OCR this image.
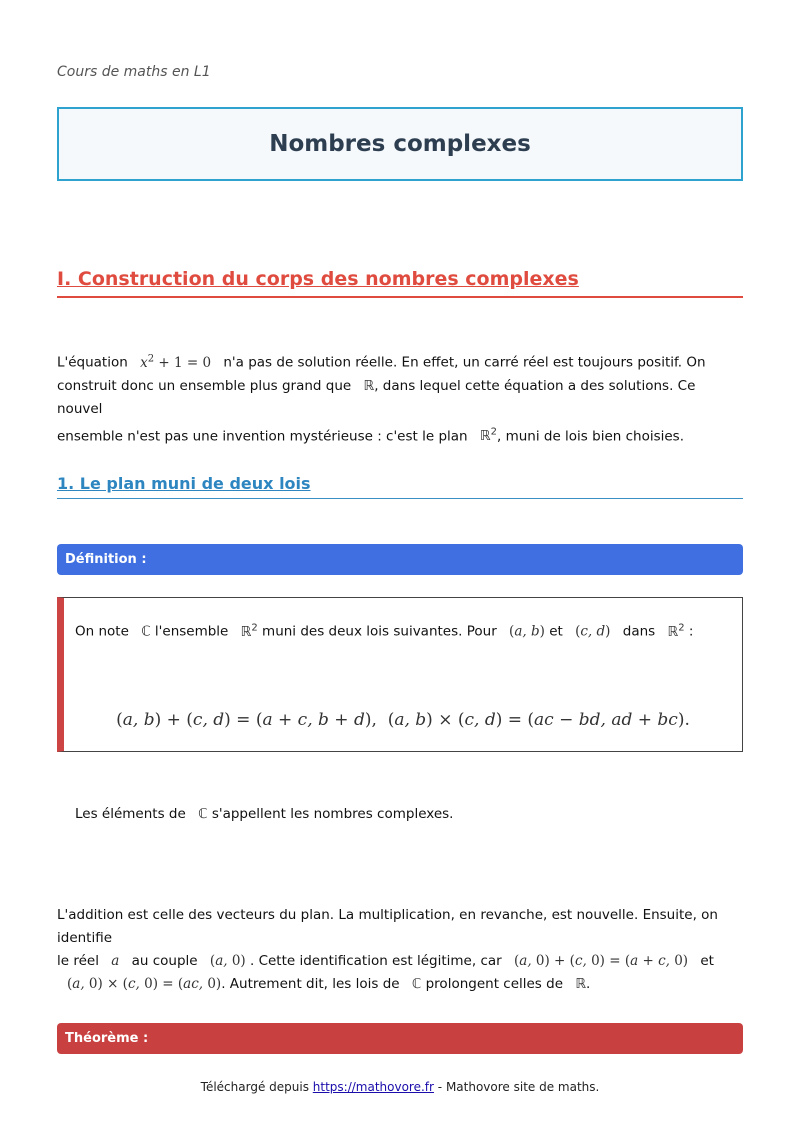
Cours de maths en L1
Nombres complexes
I. Construction du corps des nombres complexes
L'équation $x^2 + 1 = 0$ n'a pas de solution réelle. En effet, un carré réel est toujours positif. On
construit donc un ensemble plus grand que ℝ, dans lequel cette équation a des solutions. Ce nouvel
ensemble n'est pas une invention mystérieuse : c'est le plan ℝ$^2$, muni de lois bien choisies.
1. Le plan muni de deux lois
Définition :
On note ℂ l'ensemble ℝ$^2$ muni des deux lois suivantes. Pour (a, b) et (c, d) dans ℝ$^2$ :
(a, b) + (c, d) = (a + c, b + d),  (a, b) × (c, d) = (ac − bd, ad + bc).
Les éléments de ℂ s'appellent les nombres complexes.
L'addition est celle des vecteurs du plan. La multiplication, en revanche, est nouvelle. Ensuite, on identifie
le réel a au couple (a, 0) . Cette identification est légitime, car (a, 0) + (c, 0) = (a + c, 0) et
(a, 0) × (c, 0) = (ac, 0). Autrement dit, les lois de ℂ prolongent celles de ℝ.
Théorème :
Téléchargé depuis https://mathovore.fr - Mathovore site de maths.
